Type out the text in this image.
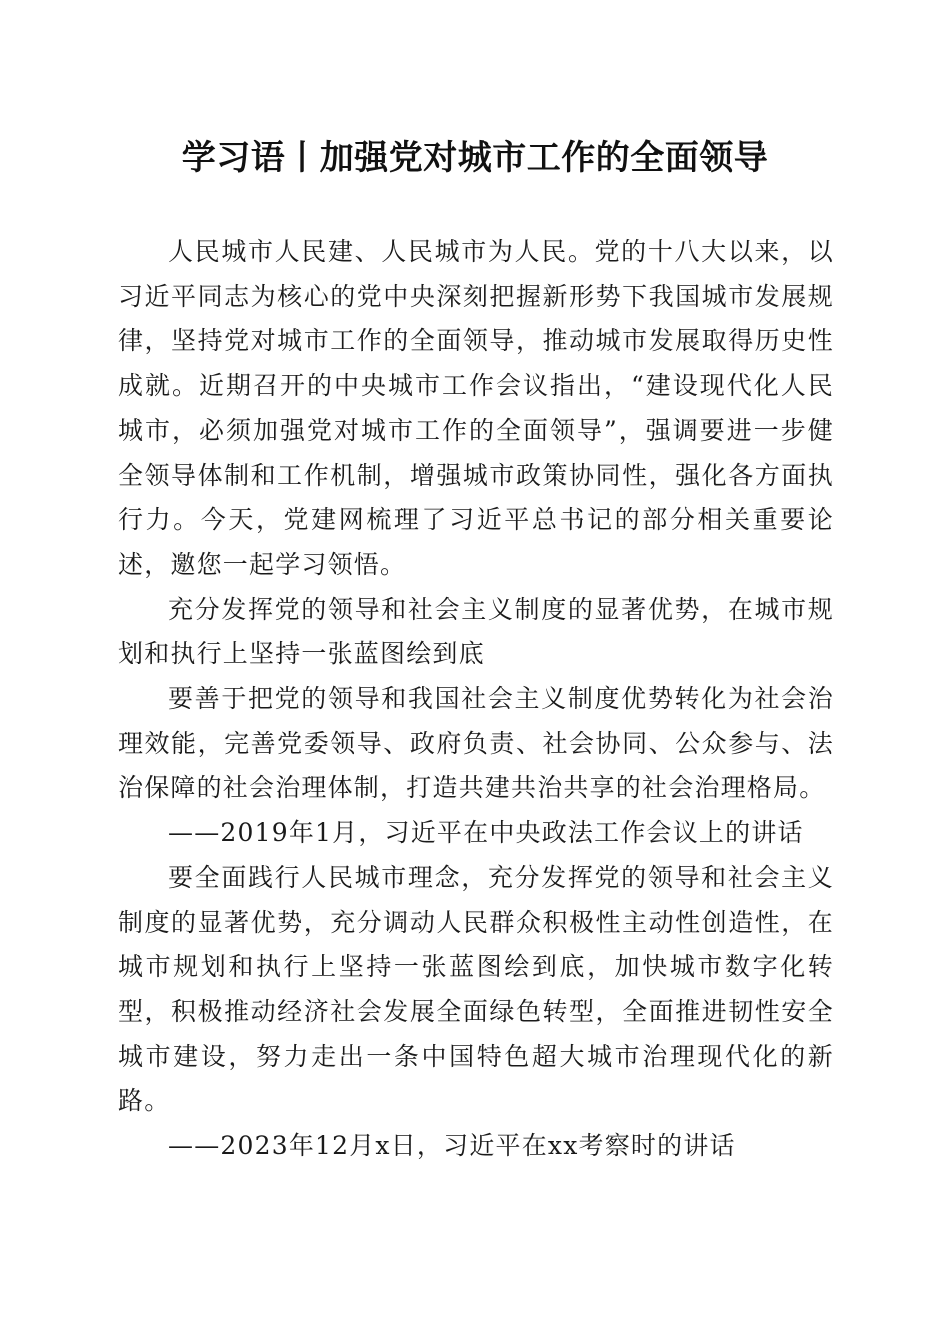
学习语丨加强党对城市工作的全面领导

人民城市人民建、人民城市为人民。党的十八大以来，以习近平同志为核心的党中央深刻把握新形势下我国城市发展规律，坚持党对城市工作的全面领导，推动城市发展取得历史性成就。近期召开的中央城市工作会议指出，“建设现代化人民城市，必须加强党对城市工作的全面领导”，强调要进一步健全领导体制和工作机制，增强城市政策协同性，强化各方面执行力。今天，党建网梳理了习近平总书记的部分相关重要论述，邀您一起学习领悟。

充分发挥党的领导和社会主义制度的显著优势，在城市规划和执行上坚持一张蓝图绘到底

要善于把党的领导和我国社会主义制度优势转化为社会治理效能，完善党委领导、政府负责、社会协同、公众参与、法治保障的社会治理体制，打造共建共治共享的社会治理格局。

——2019年1月，习近平在中央政法工作会议上的讲话

要全面践行人民城市理念，充分发挥党的领导和社会主义制度的显著优势，充分调动人民群众积极性主动性创造性，在城市规划和执行上坚持一张蓝图绘到底，加快城市数字化转型，积极推动经济社会发展全面绿色转型，全面推进韧性安全城市建设，努力走出一条中国特色超大城市治理现代化的新路。

——2023年12月x日，习近平在xx考察时的讲话
